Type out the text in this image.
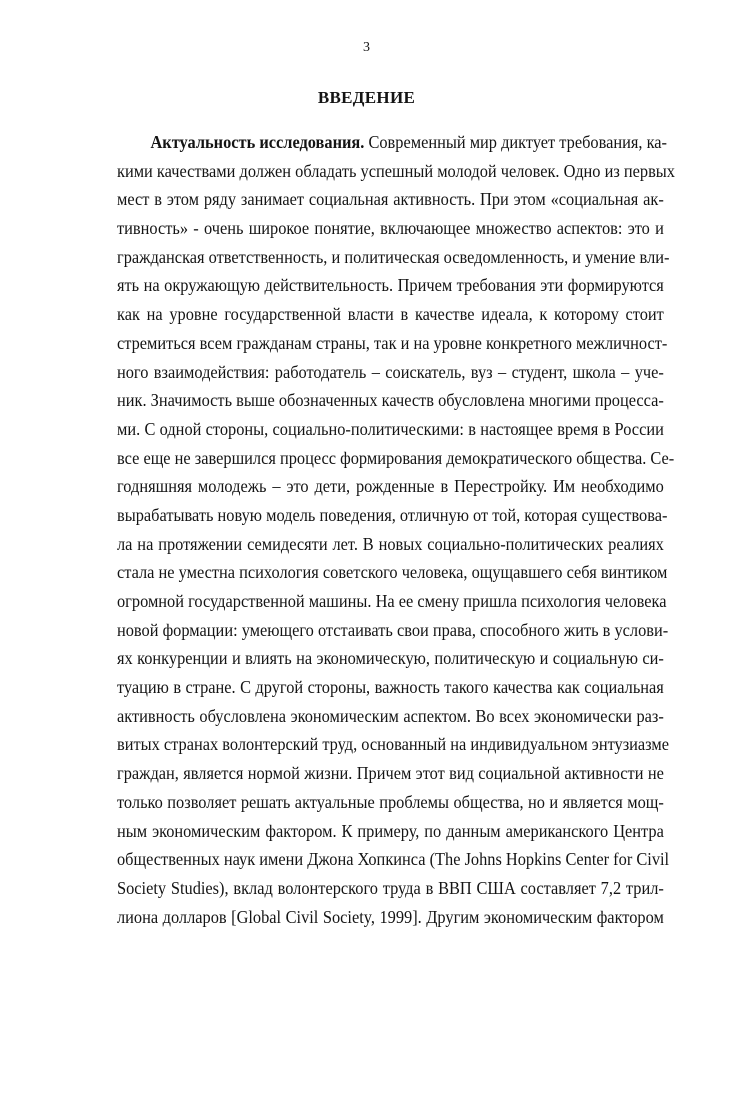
3
ВВЕДЕНИЕ
Актуальность исследования. Современный мир диктует требования, ка-
кими качествами должен обладать успешный молодой человек. Одно из первых
мест в этом ряду занимает социальная активность. При этом «социальная ак-
тивность» - очень широкое понятие, включающее множество аспектов: это и
гражданская ответственность, и политическая осведомленность, и умение вли-
ять на окружающую действительность. Причем требования эти формируются
как на уровне государственной власти в качестве идеала, к которому стоит
стремиться всем гражданам страны, так и на уровне конкретного межличност-
ного взаимодействия: работодатель – соискатель, вуз – студент, школа – уче-
ник. Значимость выше обозначенных качеств обусловлена многими процесса-
ми. С одной стороны, социально-политическими: в настоящее время в России
все еще не завершился процесс формирования демократического общества. Се-
годняшняя молодежь – это дети, рожденные в Перестройку. Им необходимо
вырабатывать новую модель поведения, отличную от той, которая существова-
ла на протяжении семидесяти лет. В новых социально-политических реалиях
стала не уместна психология советского человека, ощущавшего себя винтиком
огромной государственной машины. На ее смену пришла психология человека
новой формации: умеющего отстаивать свои права, способного жить в услови-
ях конкуренции и влиять на экономическую, политическую и социальную си-
туацию в стране. С другой стороны, важность такого качества как социальная
активность обусловлена экономическим аспектом. Во всех экономически раз-
витых странах волонтерский труд, основанный на индивидуальном энтузиазме
граждан, является нормой жизни. Причем этот вид социальной активности не
только позволяет решать актуальные проблемы общества, но и является мощ-
ным экономическим фактором. К примеру, по данным американского Центра
общественных наук имени Джона Хопкинса (The Johns Hopkins Center for Civil
Society Studies), вклад волонтерского труда в ВВП США составляет 7,2 трил-
лиона долларов [Global Civil Society, 1999]. Другим экономическим фактором
